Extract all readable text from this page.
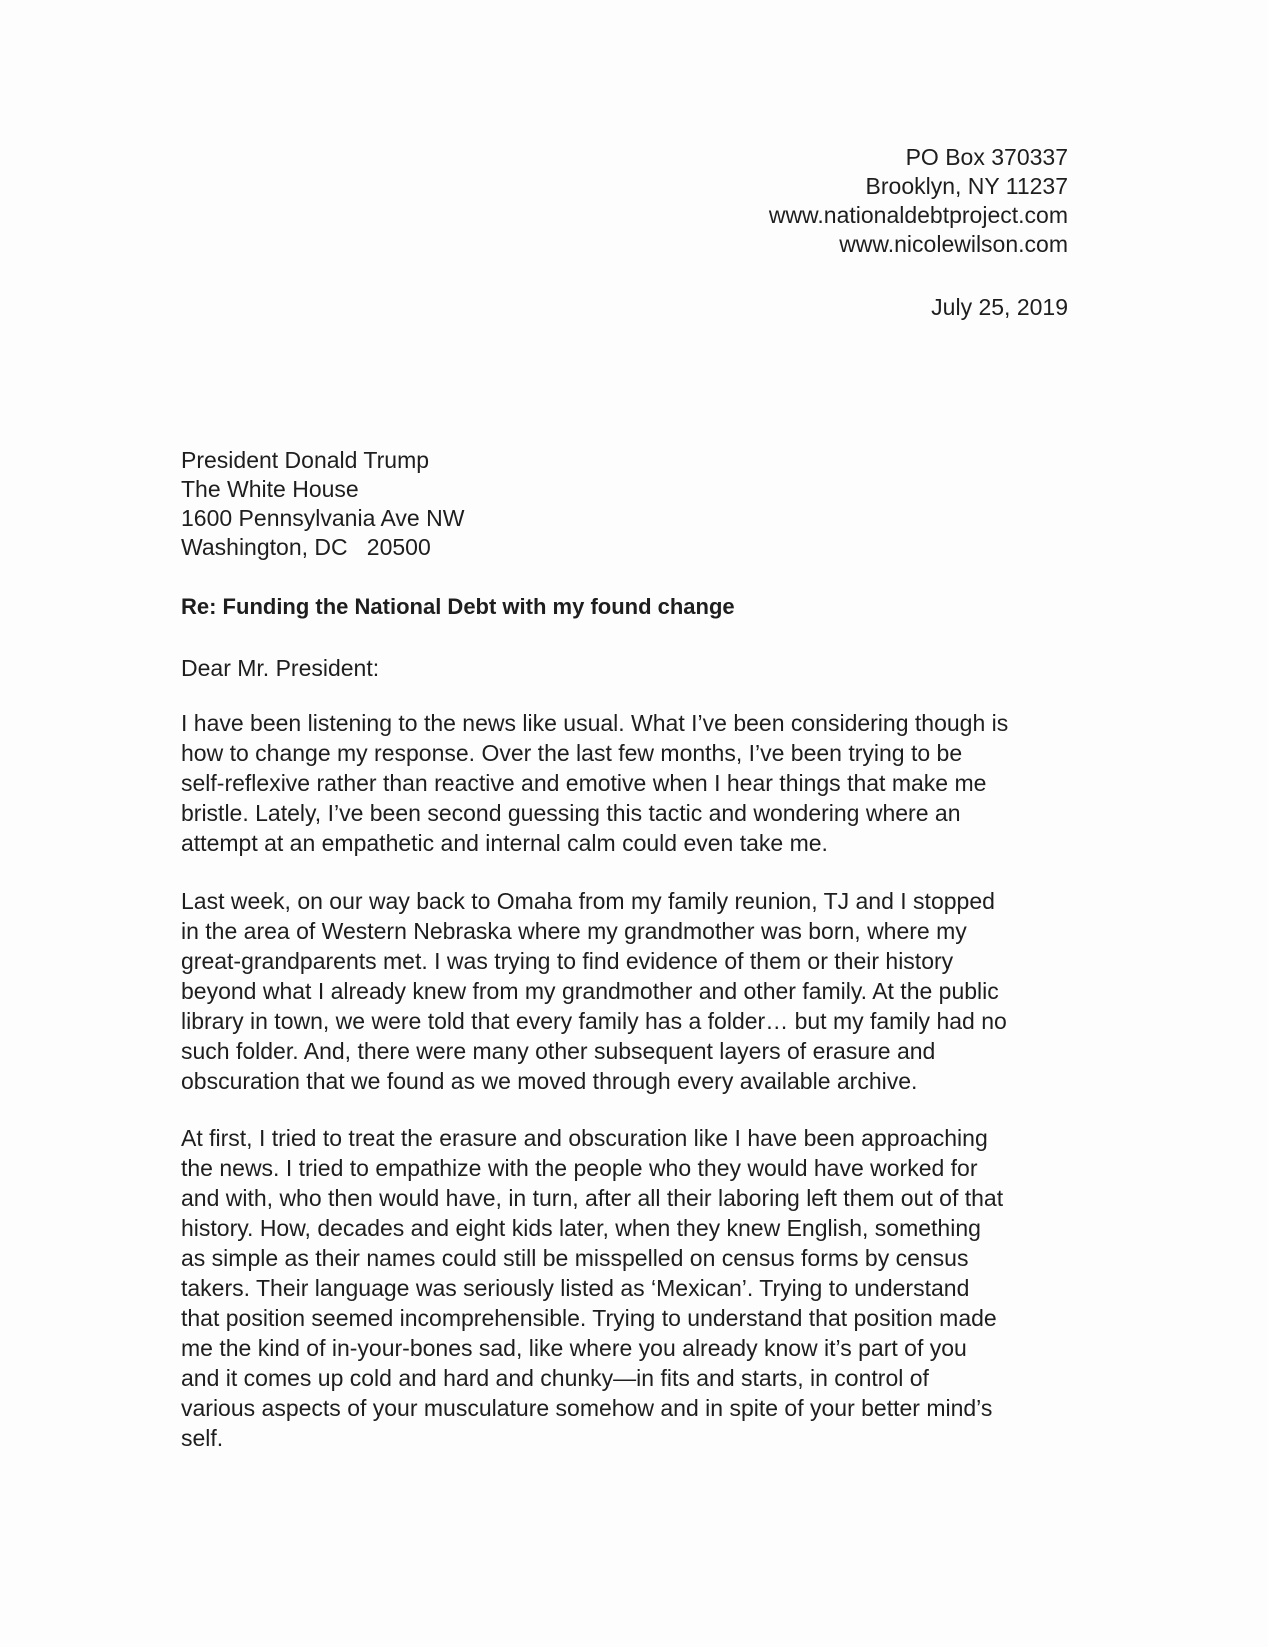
PO Box 370337
Brooklyn, NY 11237
www.nationaldebtproject.com
www.nicolewilson.com
July 25, 2019
President Donald Trump
The White House
1600 Pennsylvania Ave NW
Washington, DC   20500
Re: Funding the National Debt with my found change
Dear Mr. President:
I have been listening to the news like usual. What I’ve been considering though is
how to change my response. Over the last few months, I’ve been trying to be
self-reflexive rather than reactive and emotive when I hear things that make me
bristle. Lately, I’ve been second guessing this tactic and wondering where an
attempt at an empathetic and internal calm could even take me.
Last week, on our way back to Omaha from my family reunion, TJ and I stopped
in the area of Western Nebraska where my grandmother was born, where my
great-grandparents met. I was trying to find evidence of them or their history
beyond what I already knew from my grandmother and other family. At the public
library in town, we were told that every family has a folder… but my family had no
such folder. And, there were many other subsequent layers of erasure and
obscuration that we found as we moved through every available archive.
At first, I tried to treat the erasure and obscuration like I have been approaching
the news. I tried to empathize with the people who they would have worked for
and with, who then would have, in turn, after all their laboring left them out of that
history. How, decades and eight kids later, when they knew English, something
as simple as their names could still be misspelled on census forms by census
takers. Their language was seriously listed as ‘Mexican’. Trying to understand
that position seemed incomprehensible. Trying to understand that position made
me the kind of in-your-bones sad, like where you already know it’s part of you
and it comes up cold and hard and chunky—in fits and starts, in control of
various aspects of your musculature somehow and in spite of your better mind’s
self.
